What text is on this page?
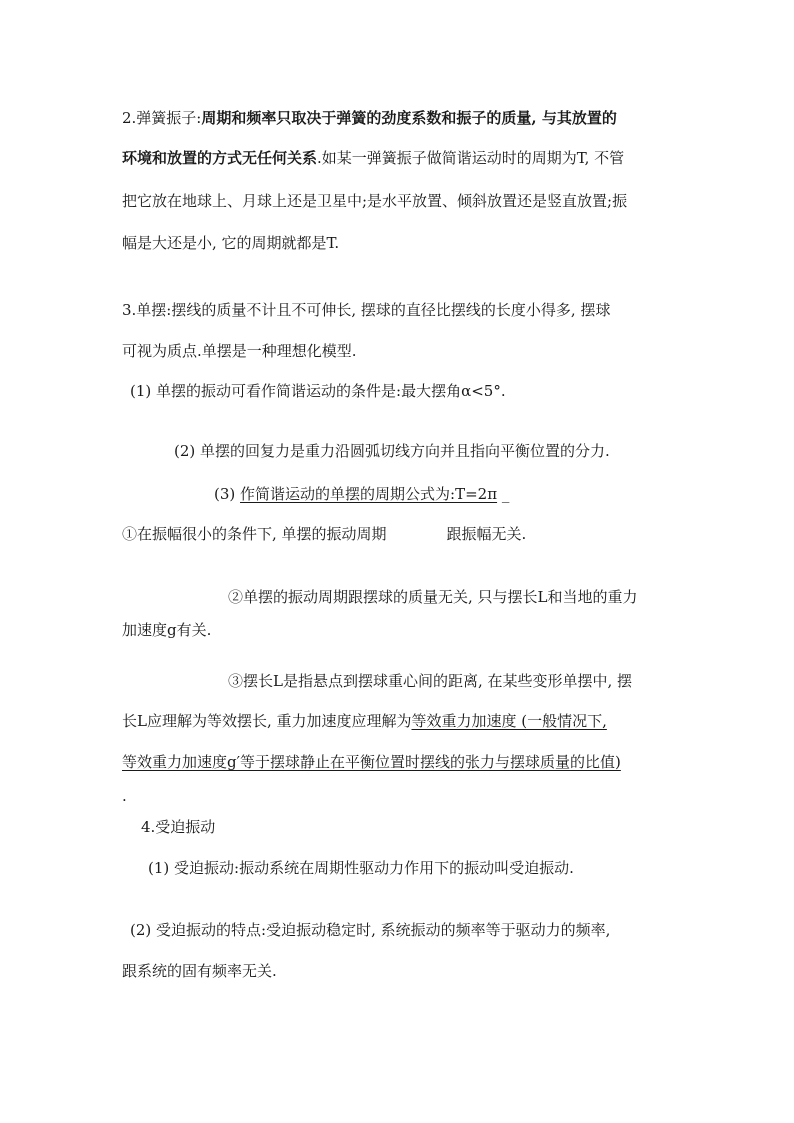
2.弹簧振子:周期和频率只取决于弹簧的劲度系数和振子的质量, 与其放置的
环境和放置的方式无任何关系.如某一弹簧振子做简谐运动时的周期为T, 不管
把它放在地球上、月球上还是卫星中;是水平放置、倾斜放置还是竖直放置;振
幅是大还是小, 它的周期就都是T.
3.单摆:摆线的质量不计且不可伸长, 摆球的直径比摆线的长度小得多, 摆球
可视为质点.单摆是一种理想化模型.
(1) 单摆的振动可看作简谐运动的条件是:最大摆角α<5°.
(2) 单摆的回复力是重力沿圆弧切线方向并且指向平衡位置的分力.
(3) 作简谐运动的单摆的周期公式为:T=2π _
①在振幅很小的条件下, 单摆的振动周期	跟振幅无关.
②单摆的振动周期跟摆球的质量无关, 只与摆长L和当地的重力
加速度g有关.
③摆长L是指悬点到摆球重心间的距离, 在某些变形单摆中, 摆
长L应理解为等效摆长, 重力加速度应理解为等效重力加速度 (一般情况下,
等效重力加速度g′等于摆球静止在平衡位置时摆线的张力与摆球质量的比值)
.
4.受迫振动
(1) 受迫振动:振动系统在周期性驱动力作用下的振动叫受迫振动.
(2) 受迫振动的特点:受迫振动稳定时, 系统振动的频率等于驱动力的频率,
跟系统的固有频率无关.
